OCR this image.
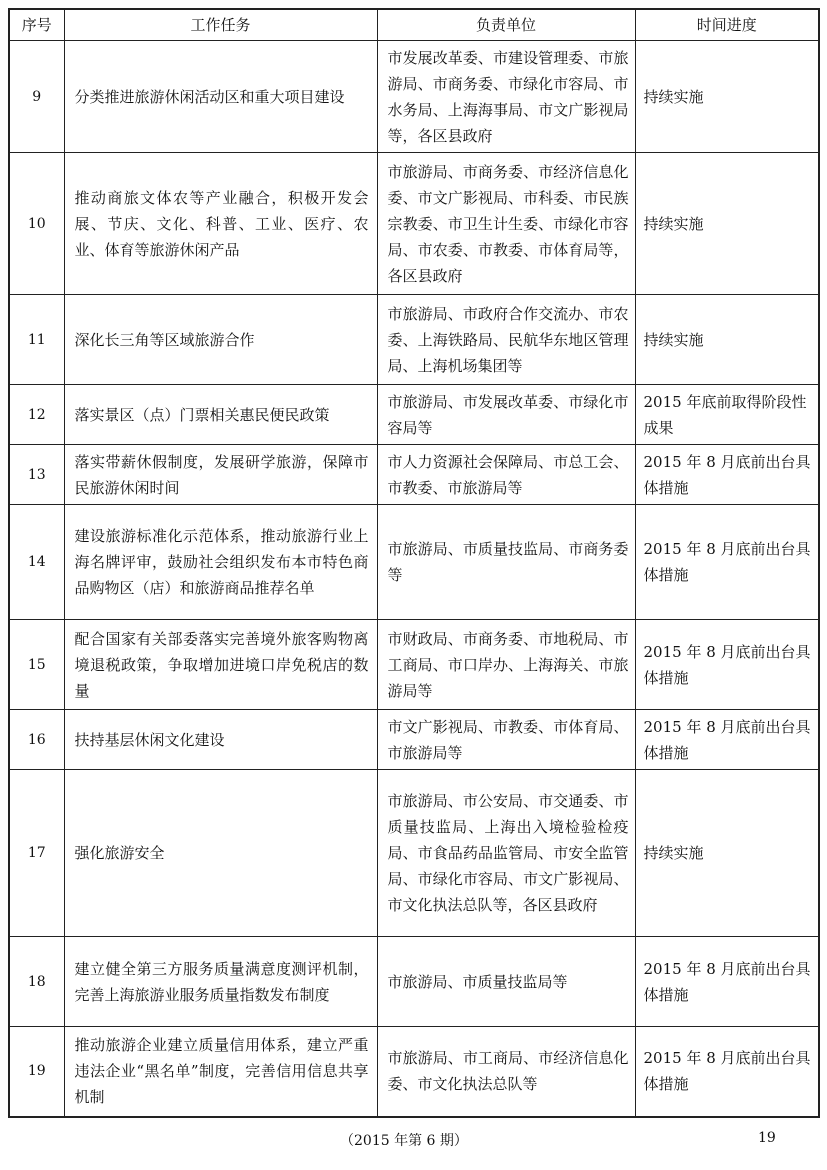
序号	工作任务	负责单位	时间进度
9	分类推进旅游休闲活动区和重大项目建设	市发展改革委、市建设管理委、市旅游局、市商务委、市绿化市容局、市水务局、上海海事局、市文广影视局等，各区县政府	持续实施
10	推动商旅文体农等产业融合，积极开发会展、节庆、文化、科普、工业、医疗、农业、体育等旅游休闲产品	市旅游局、市商务委、市经济信息化委、市文广影视局、市科委、市民族宗教委、市卫生计生委、市绿化市容局、市农委、市教委、市体育局等，各区县政府	持续实施
11	深化长三角等区域旅游合作	市旅游局、市政府合作交流办、市农委、上海铁路局、民航华东地区管理局、上海机场集团等	持续实施
12	落实景区（点）门票相关惠民便民政策	市旅游局、市发展改革委、市绿化市容局等	2015 年底前取得阶段性成果
13	落实带薪休假制度，发展研学旅游，保障市民旅游休闲时间	市人力资源社会保障局、市总工会、市教委、市旅游局等	2015 年 8 月底前出台具体措施
14	建设旅游标准化示范体系，推动旅游行业上海名牌评审，鼓励社会组织发布本市特色商品购物区（店）和旅游商品推荐名单	市旅游局、市质量技监局、市商务委等	2015 年 8 月底前出台具体措施
15	配合国家有关部委落实完善境外旅客购物离境退税政策，争取增加进境口岸免税店的数量	市财政局、市商务委、市地税局、市工商局、市口岸办、上海海关、市旅游局等	2015 年 8 月底前出台具体措施
16	扶持基层休闲文化建设	市文广影视局、市教委、市体育局、市旅游局等	2015 年 8 月底前出台具体措施
17	强化旅游安全	市旅游局、市公安局、市交通委、市质量技监局、上海出入境检验检疫局、市食品药品监管局、市安全监管局、市绿化市容局、市文广影视局、市文化执法总队等，各区县政府	持续实施
18	建立健全第三方服务质量满意度测评机制，完善上海旅游业服务质量指数发布制度	市旅游局、市质量技监局等	2015 年 8 月底前出台具体措施
19	推动旅游企业建立质量信用体系，建立严重违法企业“黑名单”制度，完善信用信息共享机制	市旅游局、市工商局、市经济信息化委、市文化执法总队等	2015 年 8 月底前出台具体措施
（2015 年第 6 期）	19
